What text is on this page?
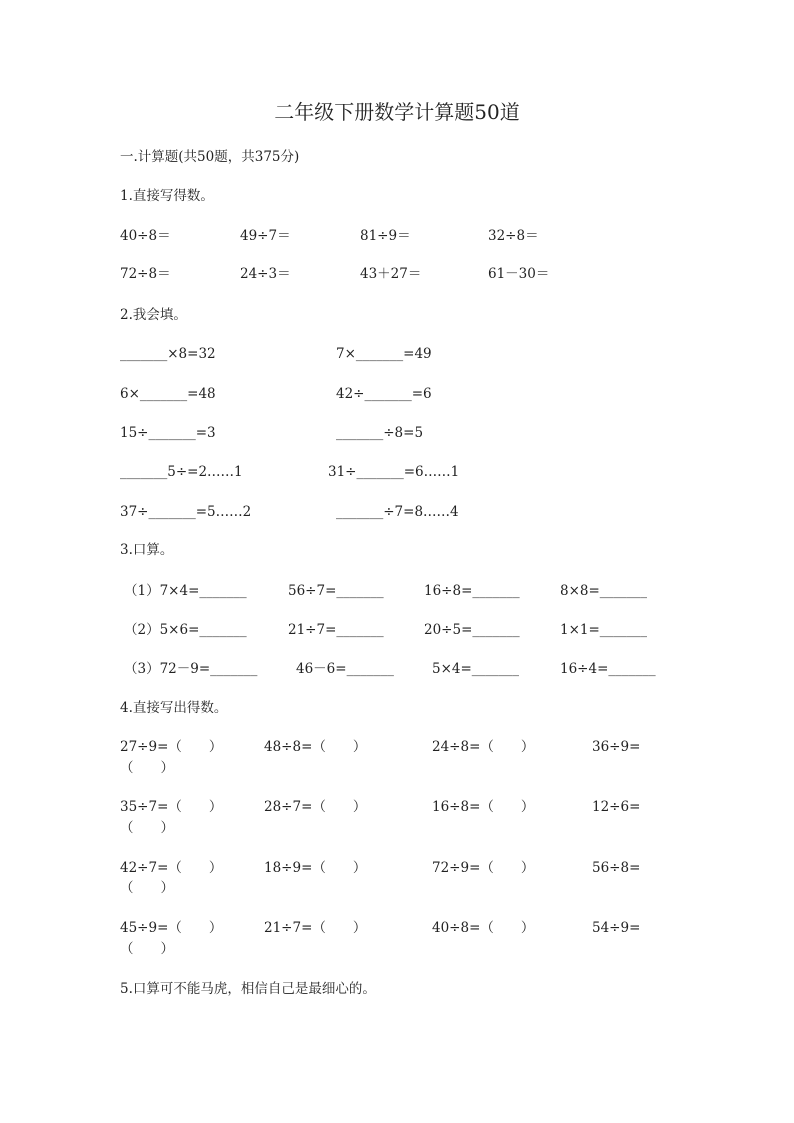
二年级下册数学计算题50道
一.计算题(共50题，共375分)
1.直接写得数。
40÷8＝	49÷7＝	81÷9＝	32÷8＝
72÷8＝	24÷3＝	43＋27＝	61－30＝
2.我会填。
_______×8=32	7×_______=49
6×_______=48	42÷_______=6
15÷_______=3	_______÷8=5
_______5÷=2……1	31÷_______=6……1
37÷_______=5……2	_______÷7=8……4
3.口算。
（1）7×4=_______	56÷7=_______	16÷8=_______	8×8=_______
（2）5×6=_______	21÷7=_______	20÷5=_______	1×1=_______
（3）72－9=_______	46－6=_______	5×4=_______	16÷4=_______
4.直接写出得数。
27÷9=（　　）	48÷8=（　　）	24÷8=（　　）	36÷9=
（　　）
35÷7=（　　）	28÷7=（　　）	16÷8=（　　）	12÷6=
（　　）
42÷7=（　　）	18÷9=（　　）	72÷9=（　　）	56÷8=
（　　）
45÷9=（　　）	21÷7=（　　）	40÷8=（　　）	54÷9=
（　　）
5.口算可不能马虎，相信自己是最细心的。
